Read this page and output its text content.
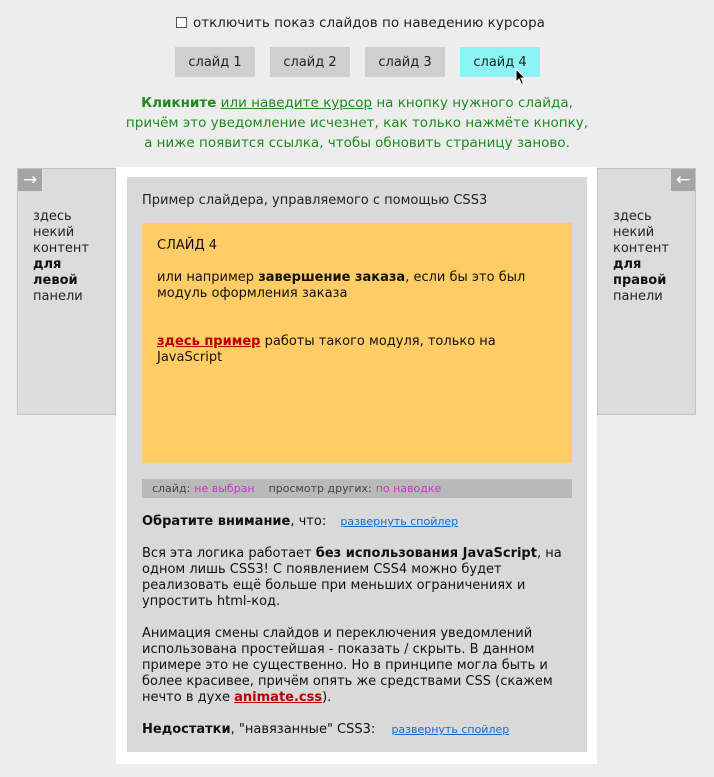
отключить показ слайдов по наведению курсора
слайд 1	слайд 2	слайд 3	слайд 4
Кликните или наведите курсор на кнопку нужного слайда,
причём это уведомление исчезнет, как только нажмёте кнопку,
а ниже появится ссылка, чтобы обновить страницу заново.
→
здесь
некий
контент
для
левой
панели
←
здесь
некий
контент
для
правой
панели
Пример слайдера, управляемого с помощью CSS3
СЛАЙД 4
или например завершение заказа, если бы это был модуль оформления заказа
здесь пример работы такого модуля, только на JavaScript
слайд: не выбран просмотр других: по наводке
Обратите внимание, что: развернуть спойлер
Вся эта логика работает без использования JavaScript, на одном лишь CSS3! С появлением CSS4 можно будет реализовать ещё больше при меньших ограничениях и упростить html-код.
Анимация смены слайдов и переключения уведомлений использована простейшая - показать / скрыть. В данном примере это не существенно. Но в принципе могла быть и более красивее, причём опять же средствами CSS (скажем нечто в духе animate.css).
Недостатки, "навязанные" CSS3: развернуть спойлер
